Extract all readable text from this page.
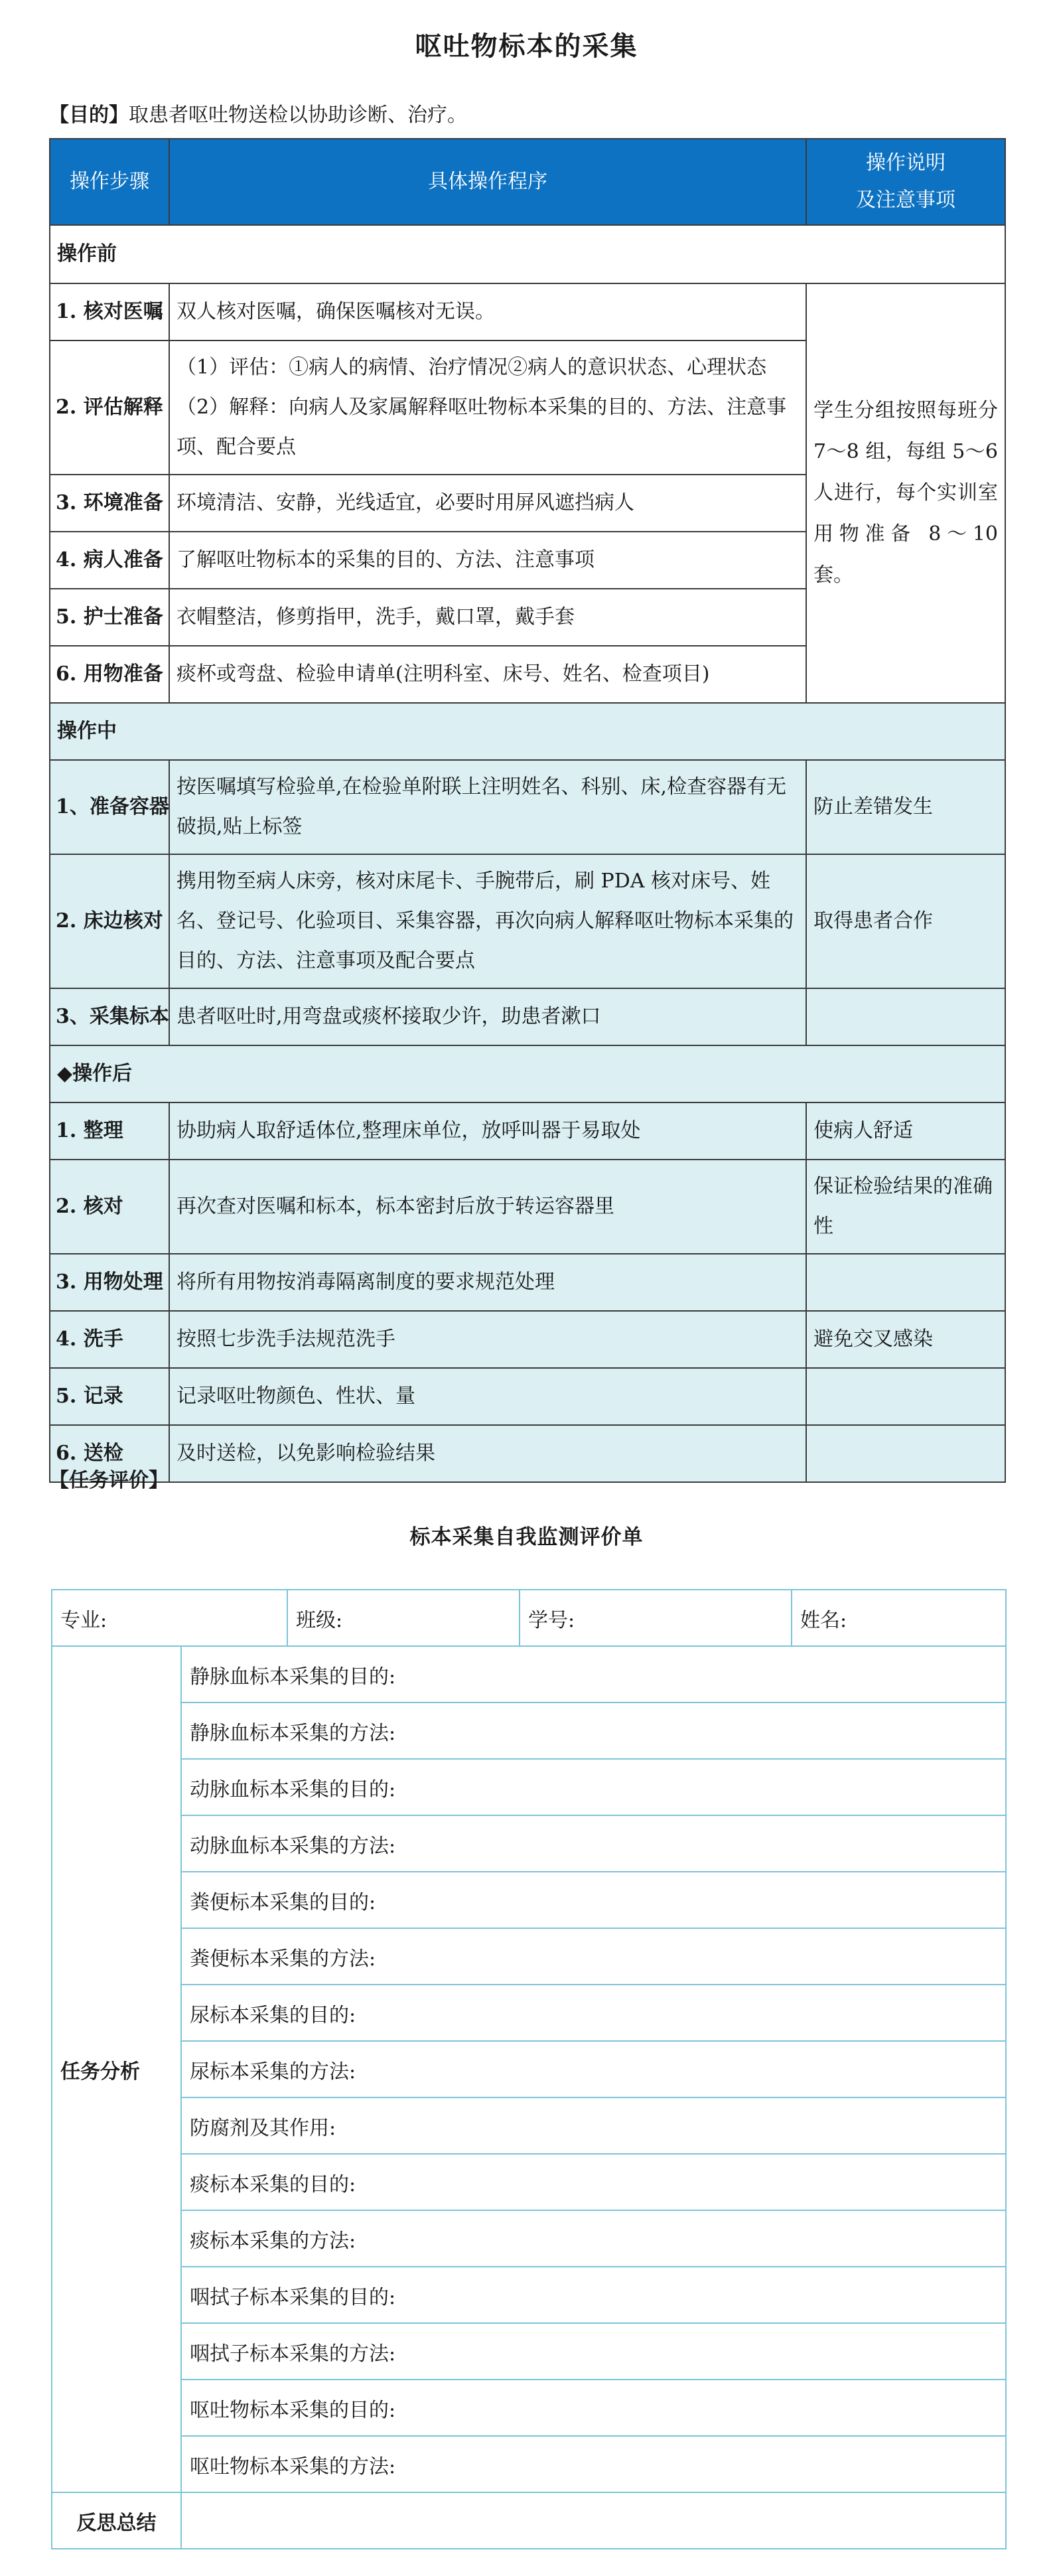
呕吐物标本的采集
【目的】取患者呕吐物送检以协助诊断、治疗。
操作步骤	具体操作程序	操作说明
及注意事项
操作前		
1. 核对医嘱	双人核对医嘱，确保医嘱核对无误。	学生分组按照每班分 7～8 组，每组 5～6 人进行，每个实训室用物准备 8～10 套。
2. 评估解释	（1）评估：①病人的病情、治疗情况②病人的意识状态、心理状态
（2）解释：向病人及家属解释呕吐物标本采集的目的、方法、注意事项、配合要点	
3. 环境准备	环境清洁、安静，光线适宜，必要时用屏风遮挡病人	
4. 病人准备	了解呕吐物标本的采集的目的、方法、注意事项	
5. 护士准备	衣帽整洁，修剪指甲，洗手，戴口罩，戴手套	
6. 用物准备	痰杯或弯盘、检验申请单(注明科室、床号、姓名、检查项目)	
操作中		
1、准备容器	按医嘱填写检验单,在检验单附联上注明姓名、科别、床,检查容器有无破损,贴上标签	防止差错发生
2. 床边核对	携用物至病人床旁，核对床尾卡、手腕带后，刷 PDA 核对床号、姓名、登记号、化验项目、采集容器，再次向病人解释呕吐物标本采集的目的、方法、注意事项及配合要点	取得患者合作
3、采集标本	患者呕吐时,用弯盘或痰杯接取少许，助患者漱口	
◆操作后		
1. 整理	协助病人取舒适体位,整理床单位，放呼叫器于易取处	使病人舒适
2. 核对	再次查对医嘱和标本，标本密封后放于转运容器里	保证检验结果的准确性
3. 用物处理	将所有用物按消毒隔离制度的要求规范处理	
4. 洗手	按照七步洗手法规范洗手	避免交叉感染
5. 记录	记录呕吐物颜色、性状、量	
6. 送检	及时送检，以免影响检验结果	
【任务评价】
标本采集自我监测评价单
专业:		班级:	学号:	姓名:
任务分析	静脉血标本采集的目的:			
	静脉血标本采集的方法:			
	动脉血标本采集的目的:			
	动脉血标本采集的方法:			
	粪便标本采集的目的:			
	粪便标本采集的方法:			
	尿标本采集的目的:			
	尿标本采集的方法:			
	防腐剂及其作用:			
	痰标本采集的目的:			
	痰标本采集的方法:			
	咽拭子标本采集的目的:			
	咽拭子标本采集的方法:			
	呕吐物标本采集的目的:			
	呕吐物标本采集的方法:			
反思总结				
